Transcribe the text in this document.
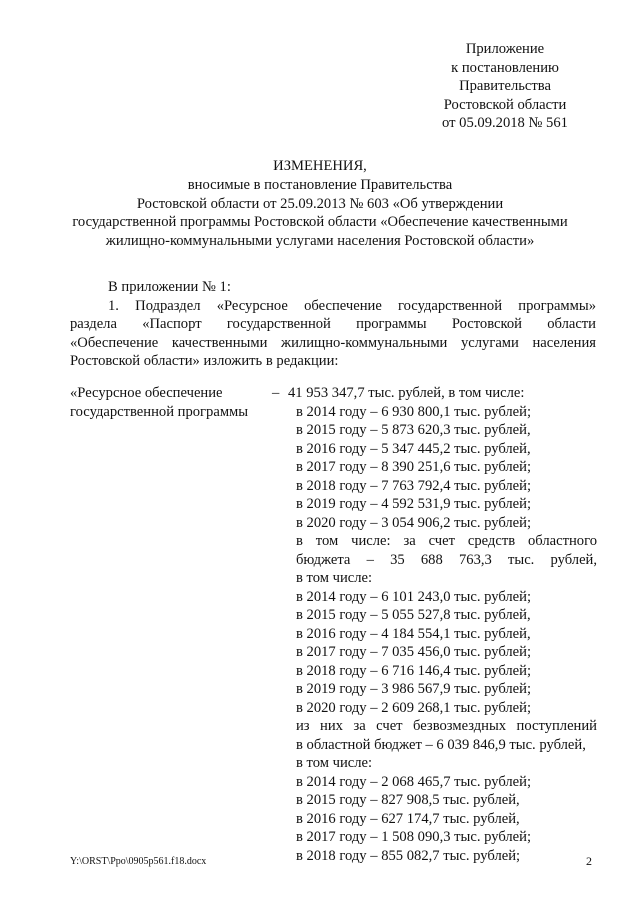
Приложение
к постановлению
Правительства
Ростовской области
от 05.09.2018 № 561
ИЗМЕНЕНИЯ,
вносимые в постановление Правительства
Ростовской области от 25.09.2013 № 603 «Об утверждении
государственной программы Ростовской области «Обеспечение качественными
жилищно-коммунальными услугами населения Ростовской области»

В приложении № 1:

1. Подраздел «Ресурсное обеспечение государственной программы»

раздела «Паспорт государственной программы Ростовской области

«Обеспечение качественными жилищно-коммунальными услугами населения

Ростовской области» изложить в редакции:

«Ресурсное обеспечение
государственной программы
– 41 953 347,7 тыс. рублей, в том числе:
в 2014 году – 6 930 800,1 тыс. рублей;
в 2015 году – 5 873 620,3 тыс. рублей,
в 2016 году – 5 347 445,2 тыс. рублей,
в 2017 году – 8 390 251,6 тыс. рублей;
в 2018 году – 7 763 792,4 тыс. рублей;
в 2019 году – 4 592 531,9 тыс. рублей;
в 2020 году – 3 054 906,2 тыс. рублей;
в том числе: за счет средств областного
бюджета – 35 688 763,3 тыс. рублей,
в том числе:
в 2014 году – 6 101 243,0 тыс. рублей;
в 2015 году – 5 055 527,8 тыс. рублей,
в 2016 году – 4 184 554,1 тыс. рублей,
в 2017 году – 7 035 456,0 тыс. рублей;
в 2018 году – 6 716 146,4 тыс. рублей;
в 2019 году – 3 986 567,9 тыс. рублей;
в 2020 году – 2 609 268,1 тыс. рублей;
из них за счет безвозмездных поступлений
в областной бюджет – 6 039 846,9 тыс. рублей,
в том числе:
в 2014 году – 2 068 465,7 тыс. рублей;
в 2015 году – 827 908,5 тыс. рублей,
в 2016 году – 627 174,7 тыс. рублей,
в 2017 году – 1 508 090,3 тыс. рублей;
в 2018 году – 855 082,7 тыс. рублей;
Y:\ORST\Ppo\0905p561.f18.docx	2
